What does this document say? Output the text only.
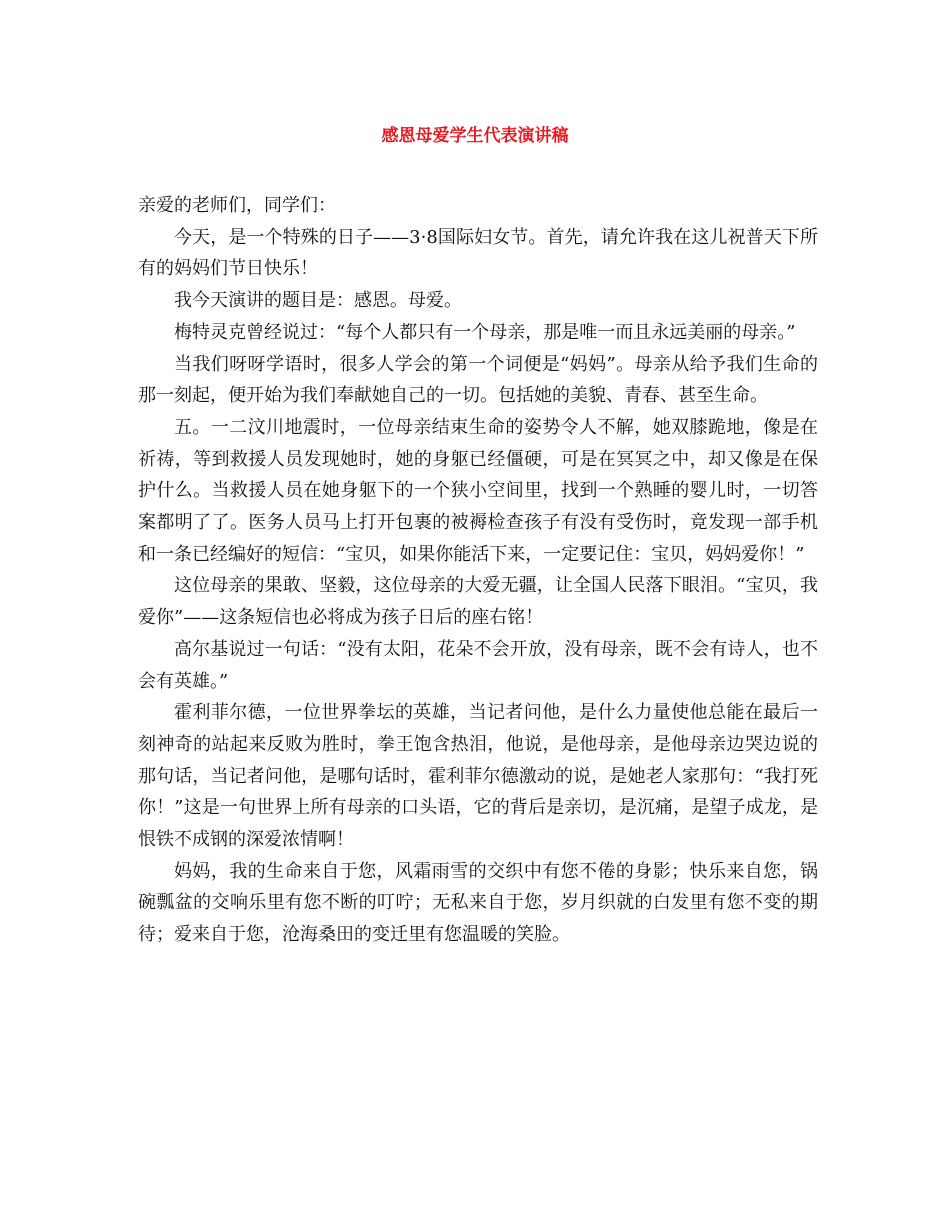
感恩母爱学生代表演讲稿

亲爱的老师们，同学们：

今天，是一个特殊的日子——3·8国际妇女节。首先，请允许我在这儿祝普天下所有的妈妈们节日快乐！

我今天演讲的题目是：感恩。母爱。

梅特灵克曾经说过：“每个人都只有一个母亲，那是唯一而且永远美丽的母亲。”

当我们呀呀学语时，很多人学会的第一个词便是“妈妈”。母亲从给予我们生命的那一刻起，便开始为我们奉献她自己的一切。包括她的美貌、青春、甚至生命。

五。一二汶川地震时，一位母亲结束生命的姿势令人不解，她双膝跪地，像是在祈祷，等到救援人员发现她时，她的身躯已经僵硬，可是在冥冥之中，却又像是在保护什么。当救援人员在她身躯下的一个狭小空间里，找到一个熟睡的婴儿时，一切答案都明了了。医务人员马上打开包裹的被褥检查孩子有没有受伤时，竟发现一部手机和一条已经编好的短信：“宝贝，如果你能活下来，一定要记住：宝贝，妈妈爱你！”

这位母亲的果敢、坚毅，这位母亲的大爱无疆，让全国人民落下眼泪。“宝贝，我爱你”——这条短信也必将成为孩子日后的座右铭！

高尔基说过一句话：“没有太阳，花朵不会开放，没有母亲，既不会有诗人，也不会有英雄。”

霍利菲尔德，一位世界拳坛的英雄，当记者问他，是什么力量使他总能在最后一刻神奇的站起来反败为胜时，拳王饱含热泪，他说，是他母亲，是他母亲边哭边说的那句话，当记者问他，是哪句话时，霍利菲尔德激动的说，是她老人家那句：“我打死你！”这是一句世界上所有母亲的口头语，它的背后是亲切，是沉痛，是望子成龙，是恨铁不成钢的深爱浓情啊！

妈妈，我的生命来自于您，风霜雨雪的交织中有您不倦的身影；快乐来自您，锅碗瓢盆的交响乐里有您不断的叮咛；无私来自于您，岁月织就的白发里有您不变的期待；爱来自于您，沧海桑田的变迁里有您温暖的笑脸。
